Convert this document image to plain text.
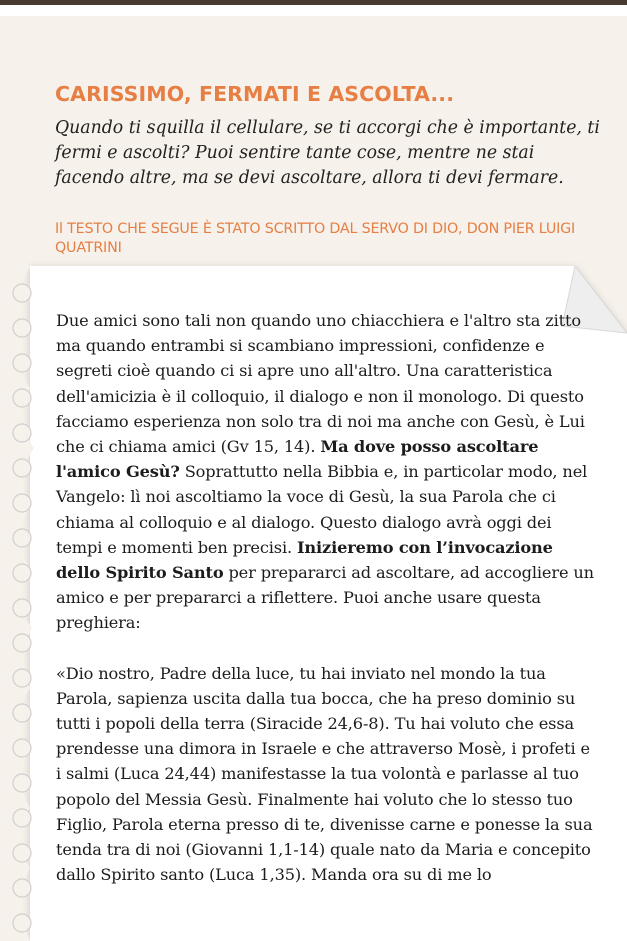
CARISSIMO, FERMATI E ASCOLTA...
Quando ti squilla il cellulare, se ti accorgi che è importante, ti fermi e ascolti? Puoi sentire tante cose, mentre ne stai facendo altre, ma se devi ascoltare, allora ti devi fermare.
Il TESTO CHE SEGUE È STATO SCRITTO DAL SERVO DI DIO, DON PIER LUIGI QUATRINI

Due amici sono tali non quando uno chiacchiera e l'altro sta zitto ma quando entrambi si scambiano impressioni, confidenze e segreti cioè quando ci si apre uno all'altro. Una caratteristica dell'amicizia è il colloquio, il dialogo e non il monologo. Di questo facciamo esperienza non solo tra di noi ma anche con Gesù, è Lui che ci chiama amici (Gv 15, 14). Ma dove posso ascoltare l'amico Gesù? Soprattutto nella Bibbia e, in particolar modo, nel Vangelo: lì noi ascoltiamo la voce di Gesù, la sua Parola che ci chiama al colloquio e al dialogo. Questo dialogo avrà oggi dei tempi e momenti ben precisi. Inizieremo con l’invocazione dello Spirito Santo per prepararci ad ascoltare, ad accogliere un amico e per prepararci a riflettere. Puoi anche usare questa preghiera:

«Dio nostro, Padre della luce, tu hai inviato nel mondo la tua Parola, sapienza uscita dalla tua bocca, che ha preso dominio su tutti i popoli della terra (Siracide 24,6-8). Tu hai voluto che essa prendesse una dimora in Israele e che attraverso Mosè, i profeti e i salmi (Luca 24,44) manifestasse la tua volontà e parlasse al tuo popolo del Messia Gesù. Finalmente hai voluto che lo stesso tuo Figlio, Parola eterna presso di te, divenisse carne e ponesse la sua tenda tra di noi (Giovanni 1,1-14) quale nato da Maria e concepito dallo Spirito santo (Luca 1,35). Manda ora su di me lo
